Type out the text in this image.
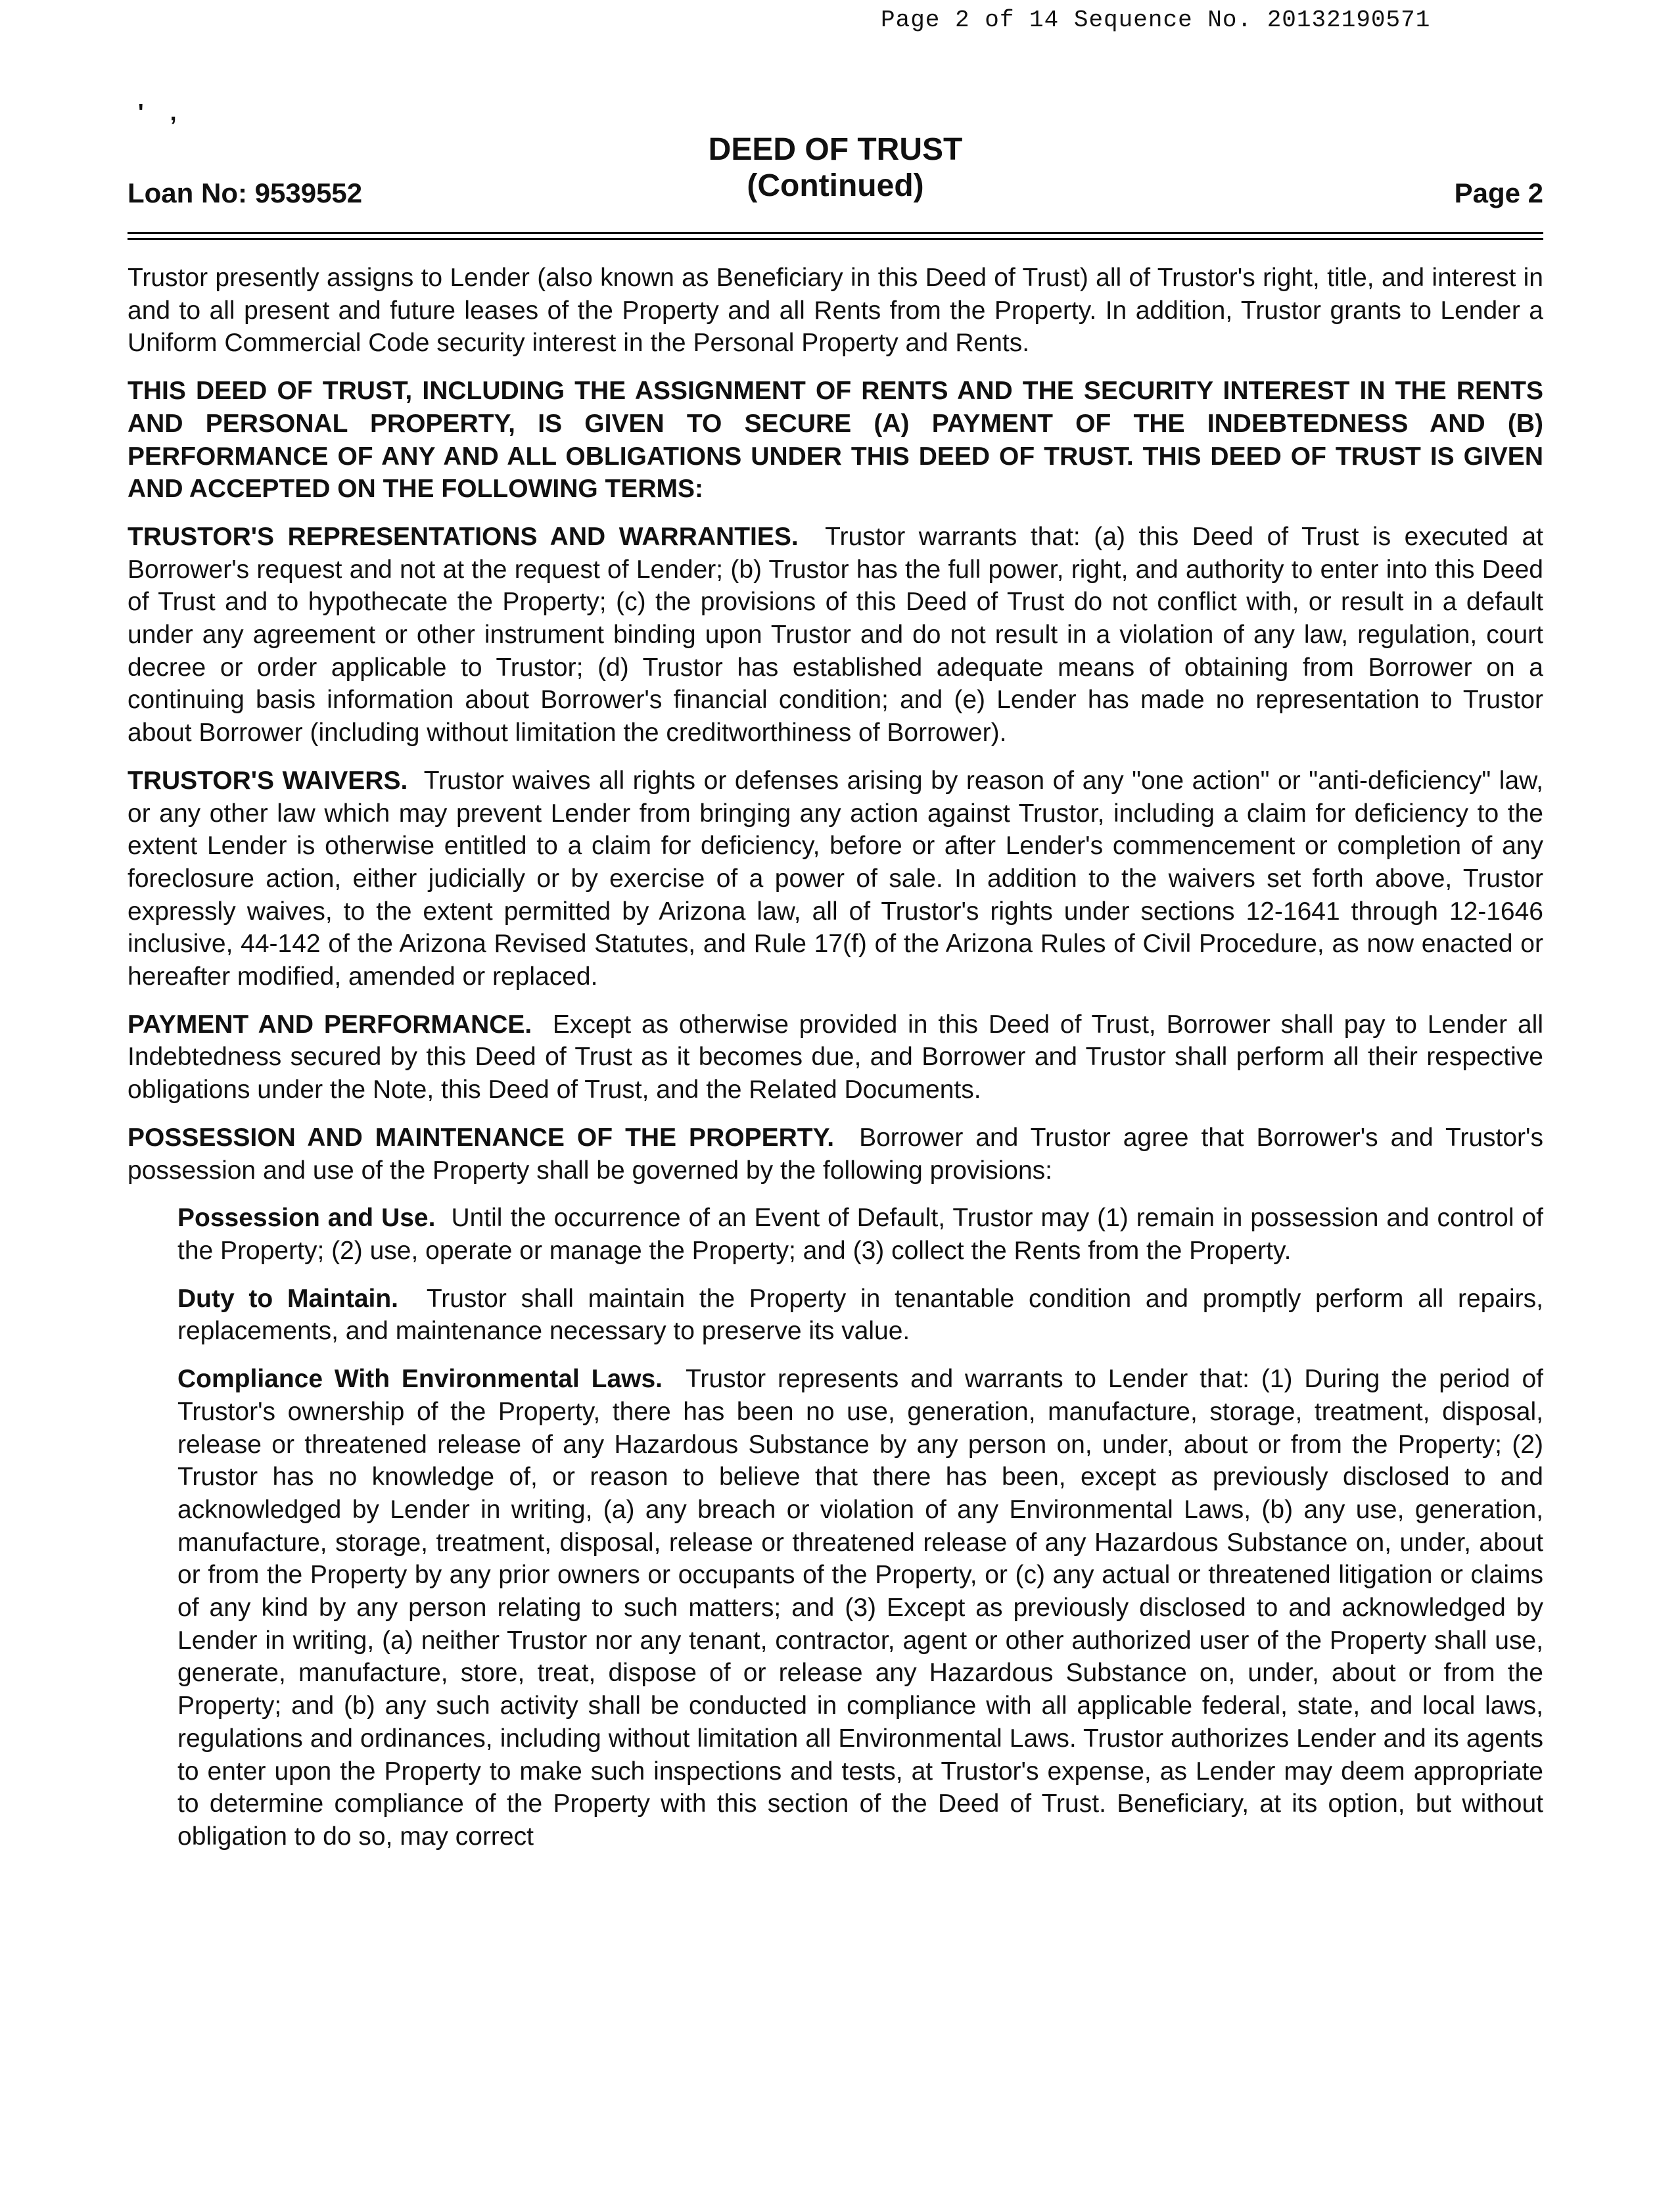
Page 2 of 14 Sequence No. 20132190571
'    ,
Loan No: 9539552
DEED OF TRUST
(Continued)	Page 2

Trustor presently assigns to Lender (also known as Beneficiary in this Deed of Trust) all of Trustor's right, title, and interest in and to all present and future leases of the Property and all Rents from the Property. In addition, Trustor grants to Lender a Uniform Commercial Code security interest in the Personal Property and Rents.

THIS DEED OF TRUST, INCLUDING THE ASSIGNMENT OF RENTS AND THE SECURITY INTEREST IN THE RENTS AND PERSONAL PROPERTY, IS GIVEN TO SECURE (A) PAYMENT OF THE INDEBTEDNESS AND (B) PERFORMANCE OF ANY AND ALL OBLIGATIONS UNDER THIS DEED OF TRUST. THIS DEED OF TRUST IS GIVEN AND ACCEPTED ON THE FOLLOWING TERMS:

TRUSTOR'S REPRESENTATIONS AND WARRANTIES. Trustor warrants that: (a) this Deed of Trust is executed at Borrower's request and not at the request of Lender; (b) Trustor has the full power, right, and authority to enter into this Deed of Trust and to hypothecate the Property; (c) the provisions of this Deed of Trust do not conflict with, or result in a default under any agreement or other instrument binding upon Trustor and do not result in a violation of any law, regulation, court decree or order applicable to Trustor; (d) Trustor has established adequate means of obtaining from Borrower on a continuing basis information about Borrower's financial condition; and (e) Lender has made no representation to Trustor about Borrower (including without limitation the creditworthiness of Borrower).

TRUSTOR'S WAIVERS. Trustor waives all rights or defenses arising by reason of any "one action" or "anti-deficiency" law, or any other law which may prevent Lender from bringing any action against Trustor, including a claim for deficiency to the extent Lender is otherwise entitled to a claim for deficiency, before or after Lender's commencement or completion of any foreclosure action, either judicially or by exercise of a power of sale. In addition to the waivers set forth above, Trustor expressly waives, to the extent permitted by Arizona law, all of Trustor's rights under sections 12-1641 through 12-1646 inclusive, 44-142 of the Arizona Revised Statutes, and Rule 17(f) of the Arizona Rules of Civil Procedure, as now enacted or hereafter modified, amended or replaced.

PAYMENT AND PERFORMANCE. Except as otherwise provided in this Deed of Trust, Borrower shall pay to Lender all Indebtedness secured by this Deed of Trust as it becomes due, and Borrower and Trustor shall perform all their respective obligations under the Note, this Deed of Trust, and the Related Documents.

POSSESSION AND MAINTENANCE OF THE PROPERTY. Borrower and Trustor agree that Borrower's and Trustor's possession and use of the Property shall be governed by the following provisions:

Possession and Use. Until the occurrence of an Event of Default, Trustor may (1) remain in possession and control of the Property; (2) use, operate or manage the Property; and (3) collect the Rents from the Property.

Duty to Maintain. Trustor shall maintain the Property in tenantable condition and promptly perform all repairs, replacements, and maintenance necessary to preserve its value.

Compliance With Environmental Laws. Trustor represents and warrants to Lender that: (1) During the period of Trustor's ownership of the Property, there has been no use, generation, manufacture, storage, treatment, disposal, release or threatened release of any Hazardous Substance by any person on, under, about or from the Property; (2) Trustor has no knowledge of, or reason to believe that there has been, except as previously disclosed to and acknowledged by Lender in writing, (a) any breach or violation of any Environmental Laws, (b) any use, generation, manufacture, storage, treatment, disposal, release or threatened release of any Hazardous Substance on, under, about or from the Property by any prior owners or occupants of the Property, or (c) any actual or threatened litigation or claims of any kind by any person relating to such matters; and (3) Except as previously disclosed to and acknowledged by Lender in writing, (a) neither Trustor nor any tenant, contractor, agent or other authorized user of the Property shall use, generate, manufacture, store, treat, dispose of or release any Hazardous Substance on, under, about or from the Property; and (b) any such activity shall be conducted in compliance with all applicable federal, state, and local laws, regulations and ordinances, including without limitation all Environmental Laws. Trustor authorizes Lender and its agents to enter upon the Property to make such inspections and tests, at Trustor's expense, as Lender may deem appropriate to determine compliance of the Property with this section of the Deed of Trust. Beneficiary, at its option, but without obligation to do so, may correct
